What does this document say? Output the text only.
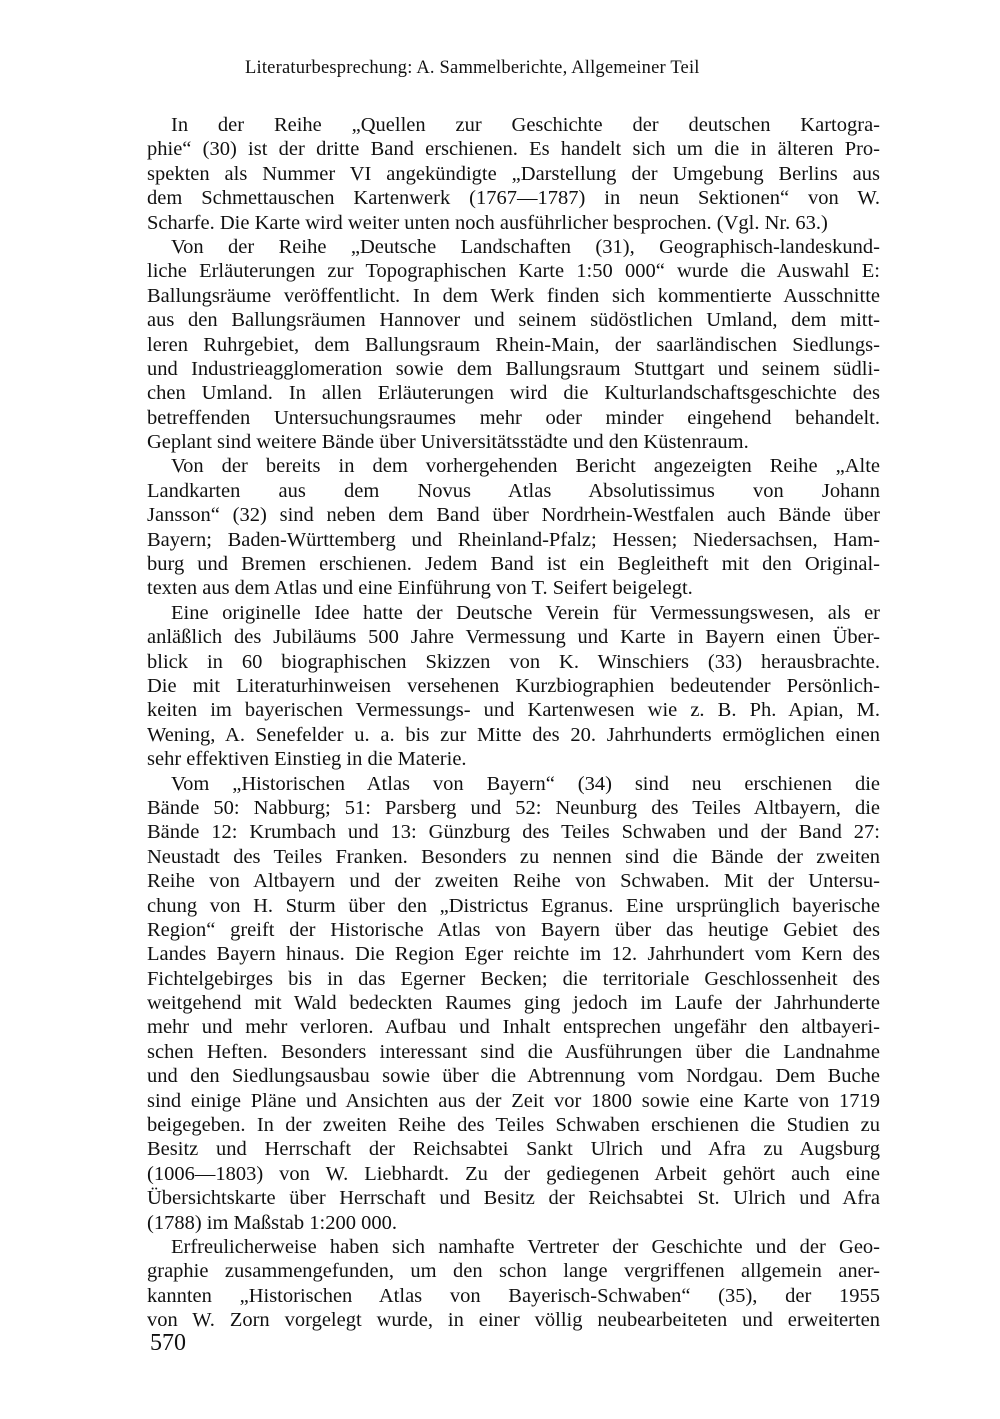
Literaturbesprechung: A. Sammelberichte, Allgemeiner Teil
In der Reihe „Quellen zur Geschichte der deutschen Kartogra-
phie“ (30) ist der dritte Band erschienen. Es handelt sich um die in älteren Pro-
spekten als Nummer VI angekündigte „Darstellung der Umgebung Berlins aus
dem Schmettauschen Kartenwerk (1767—1787) in neun Sektionen“ von W.
Scharfe. Die Karte wird weiter unten noch ausführlicher besprochen. (Vgl. Nr. 63.)
Von der Reihe „Deutsche Landschaften (31), Geographisch-landeskund-
liche Erläuterungen zur Topographischen Karte 1:50 000“ wurde die Auswahl E:
Ballungsräume veröffentlicht. In dem Werk finden sich kommentierte Ausschnitte
aus den Ballungsräumen Hannover und seinem südöstlichen Umland, dem mitt-
leren Ruhrgebiet, dem Ballungsraum Rhein-Main, der saarländischen Siedlungs-
und Industrieagglomeration sowie dem Ballungsraum Stuttgart und seinem südli-
chen Umland. In allen Erläuterungen wird die Kulturlandschaftsgeschichte des
betreffenden Untersuchungsraumes mehr oder minder eingehend behandelt.
Geplant sind weitere Bände über Universitätsstädte und den Küstenraum.
Von der bereits in dem vorhergehenden Bericht angezeigten Reihe „Alte
Landkarten aus dem Novus Atlas Absolutissimus von Johann
Jansson“ (32) sind neben dem Band über Nordrhein-Westfalen auch Bände über
Bayern; Baden-Württemberg und Rheinland-Pfalz; Hessen; Niedersachsen, Ham-
burg und Bremen erschienen. Jedem Band ist ein Begleitheft mit den Original-
texten aus dem Atlas und eine Einführung von T. Seifert beigelegt.
Eine originelle Idee hatte der Deutsche Verein für Vermessungswesen, als er
anläßlich des Jubiläums 500 Jahre Vermessung und Karte in Bayern einen Über-
blick in 60 biographischen Skizzen von K. Winschiers (33) herausbrachte.
Die mit Literaturhinweisen versehenen Kurzbiographien bedeutender Persönlich-
keiten im bayerischen Vermessungs- und Kartenwesen wie z. B. Ph. Apian, M.
Wening, A. Senefelder u. a. bis zur Mitte des 20. Jahrhunderts ermöglichen einen
sehr effektiven Einstieg in die Materie.
Vom „Historischen Atlas von Bayern“ (34) sind neu erschienen die
Bände 50: Nabburg; 51: Parsberg und 52: Neunburg des Teiles Altbayern, die
Bände 12: Krumbach und 13: Günzburg des Teiles Schwaben und der Band 27:
Neustadt des Teiles Franken. Besonders zu nennen sind die Bände der zweiten
Reihe von Altbayern und der zweiten Reihe von Schwaben. Mit der Untersu-
chung von H. Sturm über den „Districtus Egranus. Eine ursprünglich bayerische
Region“ greift der Historische Atlas von Bayern über das heutige Gebiet des
Landes Bayern hinaus. Die Region Eger reichte im 12. Jahrhundert vom Kern des
Fichtelgebirges bis in das Egerner Becken; die territoriale Geschlossenheit des
weitgehend mit Wald bedeckten Raumes ging jedoch im Laufe der Jahrhunderte
mehr und mehr verloren. Aufbau und Inhalt entsprechen ungefähr den altbayeri-
schen Heften. Besonders interessant sind die Ausführungen über die Landnahme
und den Siedlungsausbau sowie über die Abtrennung vom Nordgau. Dem Buche
sind einige Pläne und Ansichten aus der Zeit vor 1800 sowie eine Karte von 1719
beigegeben. In der zweiten Reihe des Teiles Schwaben erschienen die Studien zu
Besitz und Herrschaft der Reichsabtei Sankt Ulrich und Afra zu Augsburg
(1006—1803) von W. Liebhardt. Zu der gediegenen Arbeit gehört auch eine
Übersichtskarte über Herrschaft und Besitz der Reichsabtei St. Ulrich und Afra
(1788) im Maßstab 1:200 000.
Erfreulicherweise haben sich namhafte Vertreter der Geschichte und der Geo-
graphie zusammengefunden, um den schon lange vergriffenen allgemein aner-
kannten „Historischen Atlas von Bayerisch-Schwaben“ (35), der 1955
von W. Zorn vorgelegt wurde, in einer völlig neubearbeiteten und erweiterten
570
